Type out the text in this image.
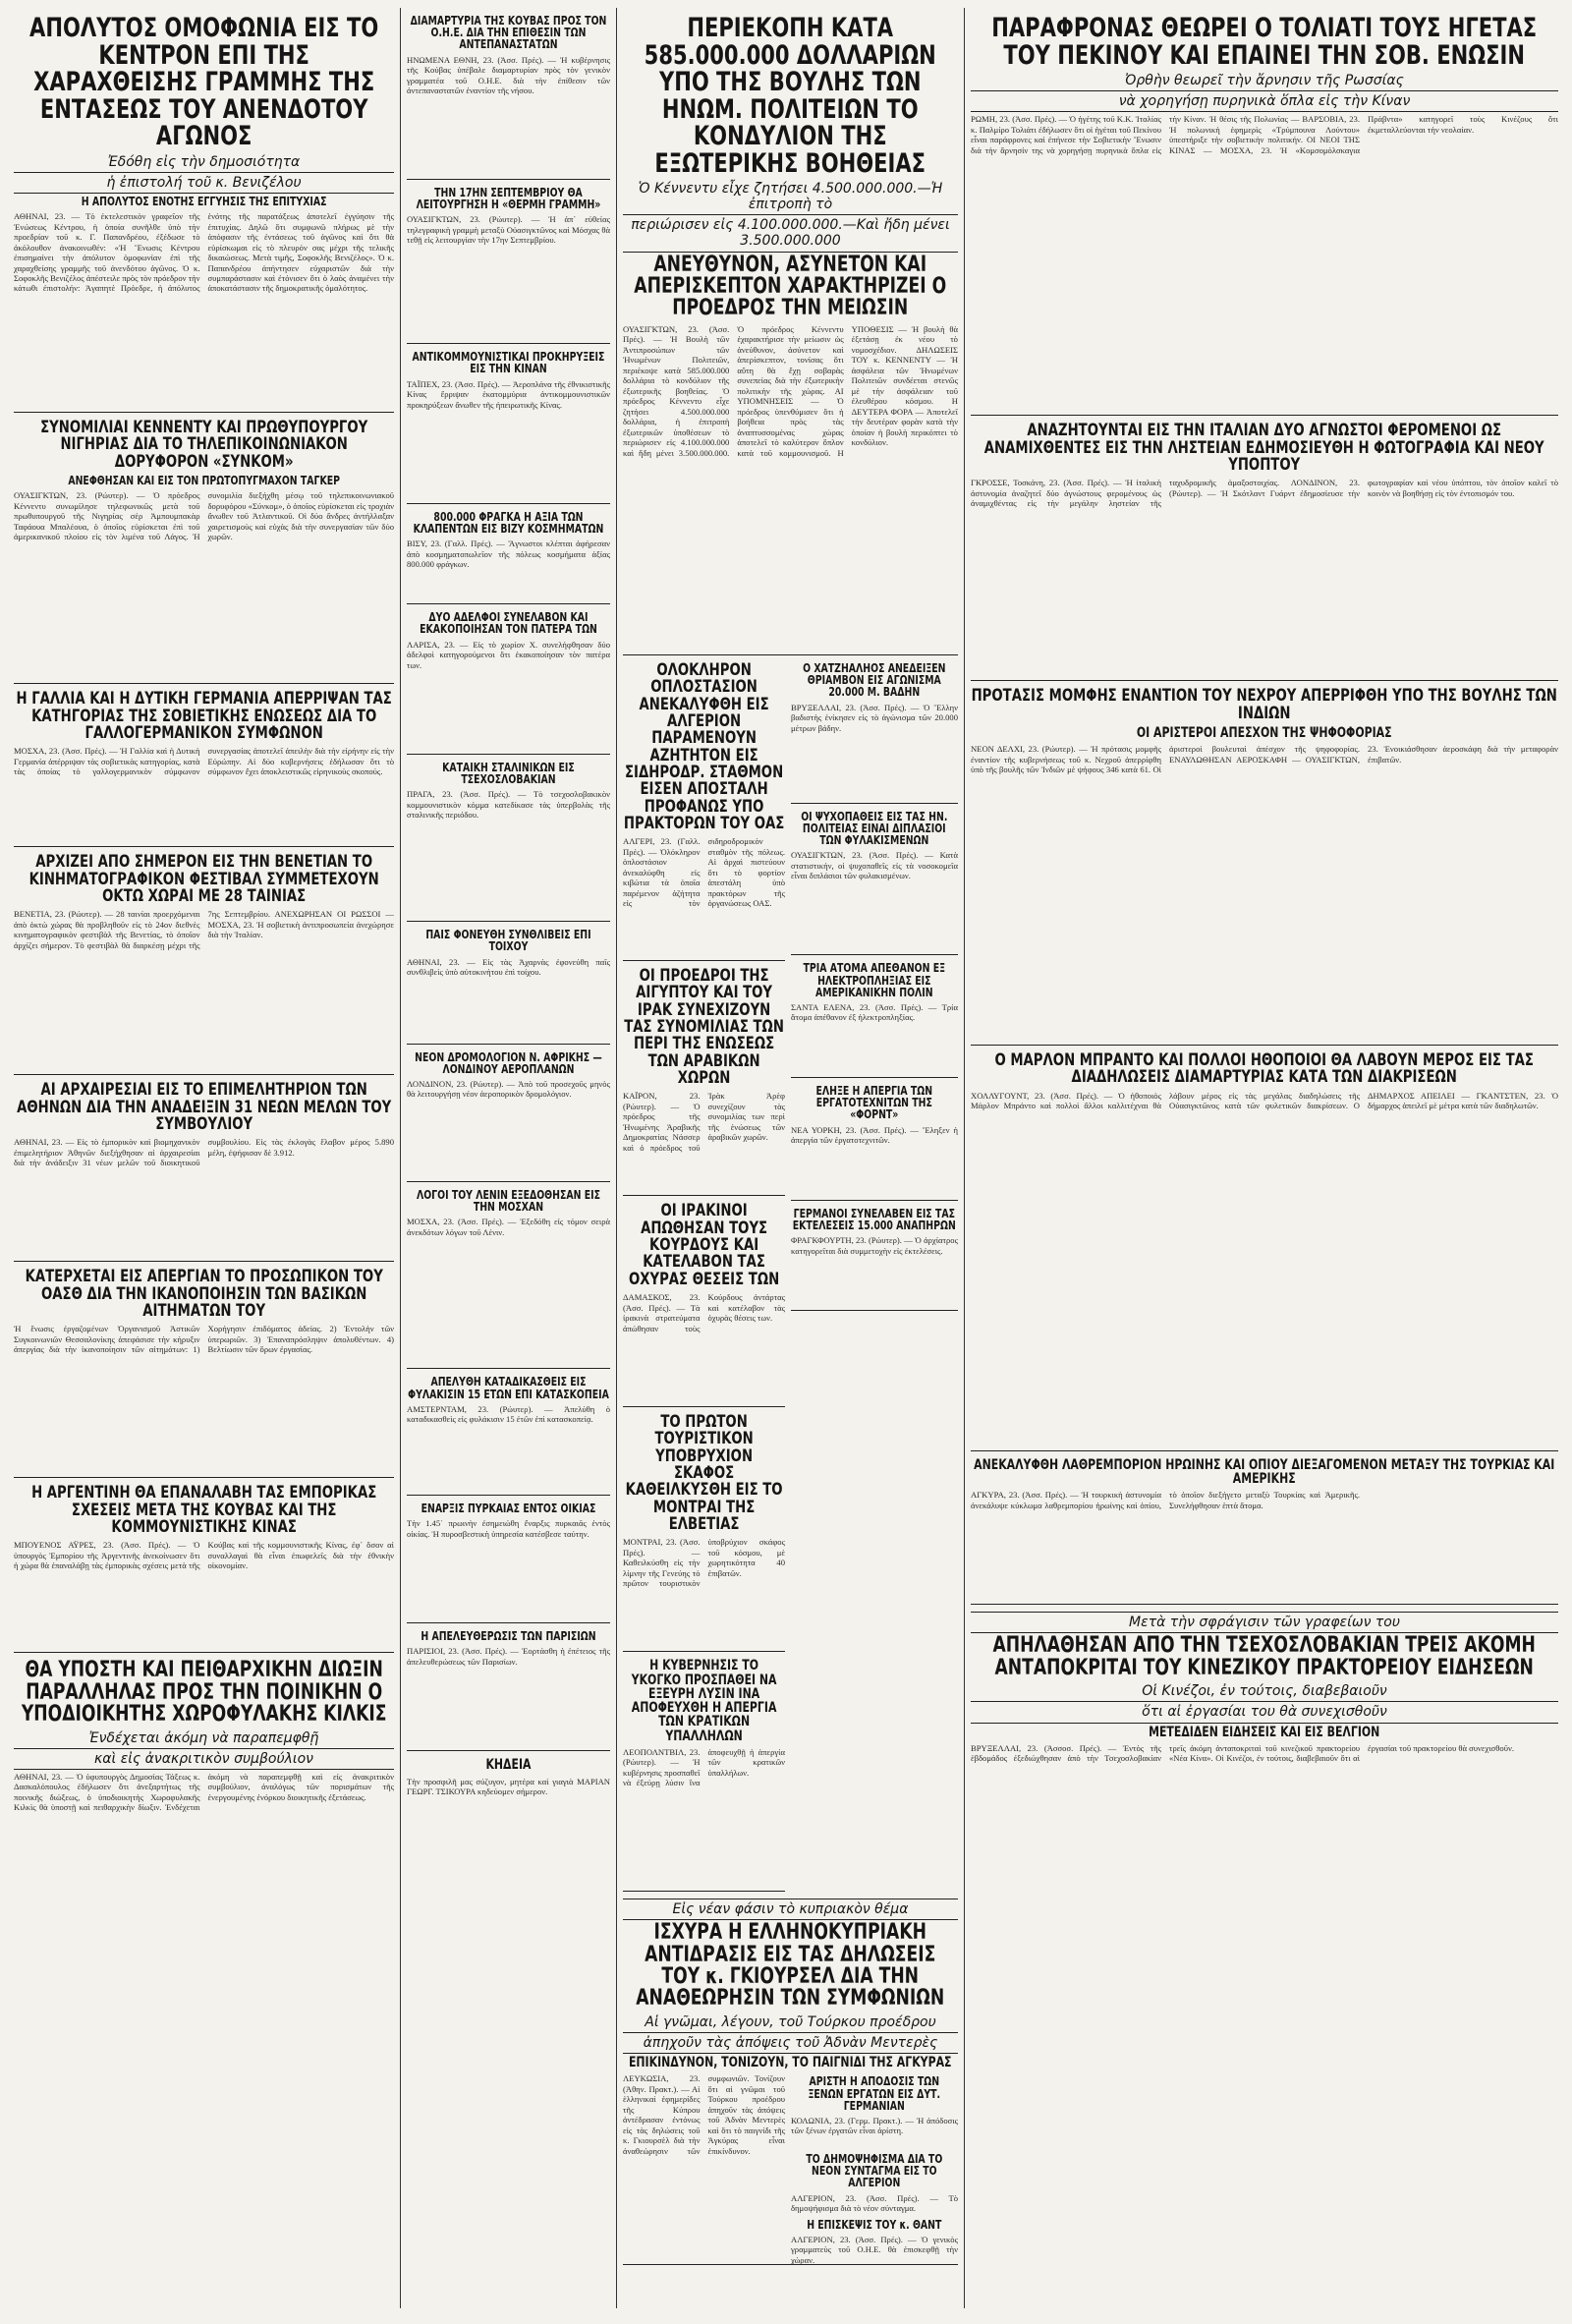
ΑΠΟΛΥΤΟΣ ΟΜΟΦΩΝΙΑ ΕΙΣ ΤΟ ΚΕΝΤΡΟΝ ΕΠΙ ΤΗΣ ΧΑΡΑΧΘΕΙΣΗΣ ΓΡΑΜΜΗΣ ΤΗΣ ΕΝΤΑΣΕΩΣ ΤΟΥ ΑΝΕΝΔΟΤΟΥ ΑΓΩΝΟΣ
Ἐδόθη εἰς τὴν δημοσιότητα
ἡ ἐπιστολή τοῦ κ. Βενιζέλου
Η ΑΠΟΛΥΤΟΣ ΕΝΟΤΗΣ ΕΓΓΥΗΣΙΣ ΤΗΣ ΕΠΙΤΥΧΙΑΣ

ΑΘΗΝΑΙ, 23. — Τὸ ἐκτελεστικὸν γραφεῖον τῆς Ἑνώσεως Κέντρου, ἡ ὁποία συνῆλθε ὑπὸ τὴν προεδρίαν τοῦ κ. Γ. Παπανδρέου, ἐξέδωσε τὸ ἀκόλουθον ἀνακοινωθέν: «Ἡ Ἕνωσις Κέντρου ἐπισημαίνει τὴν ἀπόλυτον ὁμοφωνίαν ἐπὶ τῆς χαραχθείσης γραμμῆς τοῦ ἀνενδότου ἀγῶνος. Ὁ κ. Σοφοκλῆς Βενιζέλος ἀπέστειλε πρὸς τὸν πρόεδρον τὴν κάτωθι ἐπιστολήν: Ἀγαπητὲ Πρόεδρε, ἡ ἀπόλυτος ἑνότης τῆς παρατάξεως ἀποτελεῖ ἐγγύησιν τῆς ἐπιτυχίας. Δηλῶ ὅτι συμφωνῶ πλήρως μὲ τὴν ἀπόφασιν τῆς ἐντάσεως τοῦ ἀγῶνος καὶ ὅτι θὰ εὑρίσκωμαι εἰς τὸ πλευρόν σας μέχρι τῆς τελικῆς δικαιώσεως. Μετὰ τιμῆς, Σοφοκλῆς Βενιζέλος». Ὁ κ. Παπανδρέου ἀπήντησεν εὐχαριστῶν διὰ τὴν συμπαράστασιν καὶ ἐτόνισεν ὅτι ὁ λαὸς ἀναμένει τὴν ἀποκατάστασιν τῆς δημοκρατικῆς ὁμαλότητος.

ΣΥΝΟΜΙΛΙΑΙ ΚΕΝΝΕΝΤΥ ΚΑΙ ΠΡΩΘΥΠΟΥΡΓΟΥ ΝΙΓΗΡΙΑΣ ΔΙΑ ΤΟ ΤΗΛΕΠΙΚΟΙΝΩΝΙΑΚΟΝ ΔΟΡΥΦΟΡΟΝ «ΣΥΝΚΟΜ»
ΑΝΕΦΘΗΣΑΝ ΚΑΙ ΕΙΣ ΤΟΝ ΠΡΩΤΟΠΥΓΜΑΧΟΝ ΤΑΓΚΕΡ

ΟΥΑΣΙΓΚΤΩΝ, 23. (Ρώυτερ). — Ὁ πρόεδρος Κέννεντυ συνωμίλησε τηλεφωνικῶς μετὰ τοῦ πρωθυπουργοῦ τῆς Νιγηρίας σὲρ Ἀμπουμπακὰρ Ταφάουα Μπαλέουα, ὁ ὁποῖος εὑρίσκεται ἐπὶ τοῦ ἀμερικανικοῦ πλοίου εἰς τὸν λιμένα τοῦ Λάγος. Ἡ συνομιλία διεξήχθη μέσῳ τοῦ τηλεπικοινωνιακοῦ δορυφόρου «Σύνκομ», ὁ ὁποῖος εὑρίσκεται εἰς τροχιὰν ἄνωθεν τοῦ Ἀτλαντικοῦ. Οἱ δύο ἄνδρες ἀντήλλαξαν χαιρετισμοὺς καὶ εὐχὰς διὰ τὴν συνεργασίαν τῶν δύο χωρῶν.

Η ΓΑΛΛΙΑ ΚΑΙ Η ΔΥΤΙΚΗ ΓΕΡΜΑΝΙΑ ΑΠΕΡΡΙΨΑΝ ΤΑΣ ΚΑΤΗΓΟΡΙΑΣ ΤΗΣ ΣΟΒΙΕΤΙΚΗΣ ΕΝΩΣΕΩΣ ΔΙΑ ΤΟ ΓΑΛΛΟΓΕΡΜΑΝΙΚΟΝ ΣΥΜΦΩΝΟΝ

ΜΟΣΧΑ, 23. (Ἀσσ. Πρές). — Ἡ Γαλλία καὶ ἡ Δυτικὴ Γερμανία ἀπέρριψαν τὰς σοβιετικὰς κατηγορίας, κατὰ τὰς ὁποίας τὸ γαλλογερμανικὸν σύμφωνον συνεργασίας ἀποτελεῖ ἀπειλὴν διὰ τὴν εἰρήνην εἰς τὴν Εὐρώπην. Αἱ δύο κυβερνήσεις ἐδήλωσαν ὅτι τὸ σύμφωνον ἔχει ἀποκλειστικῶς εἰρηνικοὺς σκοπούς.

ΑΡΧΙΖΕΙ ΑΠΟ ΣΗΜΕΡΟΝ ΕΙΣ ΤΗΝ ΒΕΝΕΤΙΑΝ ΤΟ ΚΙΝΗΜΑΤΟΓΡΑΦΙΚΟΝ ΦΕΣΤΙΒΑΛ ΣΥΜΜΕΤΕΧΟΥΝ ΟΚΤΩ ΧΩΡΑΙ ΜΕ 28 ΤΑΙΝΙΑΣ

ΒΕΝΕΤΙΑ, 23. (Ρώυτερ). — 28 ταινίαι προερχόμεναι ἀπὸ ὀκτὼ χώρας θὰ προβληθοῦν εἰς τὸ 24ον διεθνὲς κινηματογραφικὸν φεστιβὰλ τῆς Βενετίας, τὸ ὁποῖον ἀρχίζει σήμερον. Τὸ φεστιβὰλ θὰ διαρκέσῃ μέχρι τῆς 7ης Σεπτεμβρίου. ΑΝΕΧΩΡΗΣΑΝ ΟΙ ΡΩΣΣΟΙ — ΜΟΣΧΑ, 23. Ἡ σοβιετικὴ ἀντιπροσωπεία ἀνεχώρησε διὰ τὴν Ἰταλίαν.

ΑΙ ΑΡΧΑΙΡΕΣΙΑΙ ΕΙΣ ΤΟ ΕΠΙΜΕΛΗΤΗΡΙΟΝ ΤΩΝ ΑΘΗΝΩΝ ΔΙΑ ΤΗΝ ΑΝΑΔΕΙΞΙΝ 31 ΝΕΩΝ ΜΕΛΩΝ ΤΟΥ ΣΥΜΒΟΥΛΙΟΥ

ΑΘΗΝΑΙ, 23. — Εἰς τὸ ἐμπορικὸν καὶ βιομηχανικὸν ἐπιμελητήριον Ἀθηνῶν διεξήχθησαν αἱ ἀρχαιρεσίαι διὰ τὴν ἀνάδειξιν 31 νέων μελῶν τοῦ διοικητικοῦ συμβουλίου. Εἰς τὰς ἐκλογὰς ἔλαβον μέρος 5.890 μέλη, ἐψήφισαν δὲ 3.912.

ΚΑΤΕΡΧΕΤΑΙ ΕΙΣ ΑΠΕΡΓΙΑΝ ΤΟ ΠΡΟΣΩΠΙΚΟΝ ΤΟΥ ΟΑΣΘ ΔΙΑ ΤΗΝ ΙΚΑΝΟΠΟΙΗΣΙΝ ΤΩΝ ΒΑΣΙΚΩΝ ΑΙΤΗΜΑΤΩΝ ΤΟΥ

Ἡ ἕνωσις ἐργαζομένων Ὀργανισμοῦ Ἀστικῶν Συγκοινωνιῶν Θεσσαλονίκης ἀπεφάσισε τὴν κήρυξιν ἀπεργίας διὰ τὴν ἱκανοποίησιν τῶν αἰτημάτων: 1) Χορήγησιν ἐπιδόματος ἀδείας. 2) Ἐντολὴν τῶν ὑπερωριῶν. 3) Ἐπαναπρόσληψιν ἀπολυθέντων. 4) Βελτίωσιν τῶν ὅρων ἐργασίας.

Η ΑΡΓΕΝΤΙΝΗ ΘΑ ΕΠΑΝΑΛΑΒΗ ΤΑΣ ΕΜΠΟΡΙΚΑΣ ΣΧΕΣΕΙΣ ΜΕΤΑ ΤΗΣ ΚΟΥΒΑΣ ΚΑΙ ΤΗΣ ΚΟΜΜΟΥΝΙΣΤΙΚΗΣ ΚΙΝΑΣ

ΜΠΟΥΕΝΟΣ ΑΫΡΕΣ, 23. (Ἀσσ. Πρές). — Ὁ ὑπουργὸς Ἐμπορίου τῆς Ἀργεντινῆς ἀνεκοίνωσεν ὅτι ἡ χώρα θὰ ἐπαναλάβῃ τὰς ἐμπορικὰς σχέσεις μετὰ τῆς Κούβας καὶ τῆς κομμουνιστικῆς Κίνας, ἐφ᾽ ὅσον αἱ συναλλαγαὶ θὰ εἶναι ἐπωφελεῖς διὰ τὴν ἐθνικὴν οἰκονομίαν.

ΘΑ ΥΠΟΣΤΗ ΚΑΙ ΠΕΙΘΑΡΧΙΚΗΝ ΔΙΩΞΙΝ ΠΑΡΑΛΛΗΛΑΣ ΠΡΟΣ ΤΗΝ ΠΟΙΝΙΚΗΝ Ο ΥΠΟΔΙΟΙΚΗΤΗΣ ΧΩΡΟΦΥΛΑΚΗΣ ΚΙΛΚΙΣ
Ἐνδέχεται ἀκόμη νὰ παραπεμφθῇ
καὶ εἰς ἀνακριτικὸν συμβούλιον

ΑΘΗΝΑΙ, 23. — Ὁ ὑφυπουργὸς Δημοσίας Τάξεως κ. Δασκαλόπουλος ἐδήλωσεν ὅτι ἀνεξαρτήτως τῆς ποινικῆς διώξεως, ὁ ὑποδιοικητὴς Χωροφυλακῆς Κιλκὶς θὰ ὑποστῇ καὶ πειθαρχικὴν δίωξιν. Ἐνδέχεται ἀκόμη νὰ παραπεμφθῇ καὶ εἰς ἀνακριτικὸν συμβούλιον, ἀναλόγως τῶν πορισμάτων τῆς ἐνεργουμένης ἐνόρκου διοικητικῆς ἐξετάσεως.

ΔΙΑΜΑΡΤΥΡΙΑ ΤΗΣ ΚΟΥΒΑΣ ΠΡΟΣ ΤΟΝ Ο.Η.Ε. ΔΙΑ ΤΗΝ ΕΠΙΘΕΣΙΝ ΤΩΝ ΑΝΤΕΠΑΝΑΣΤΑΤΩΝ

ΗΝΩΜΕΝΑ ΕΘΝΗ, 23. (Ἀσσ. Πρές). — Ἡ κυβέρνησις τῆς Κούβας ὑπέβαλε διαμαρτυρίαν πρὸς τὸν γενικὸν γραμματέα τοῦ Ο.Η.Ε. διὰ τὴν ἐπίθεσιν τῶν ἀντεπαναστατῶν ἐναντίον τῆς νήσου.

ΤΗΝ 17ΗΝ ΣΕΠΤΕΜΒΡΙΟΥ ΘΑ ΛΕΙΤΟΥΡΓΗΣΗ Η «ΘΕΡΜΗ ΓΡΑΜΜΗ»

ΟΥΑΣΙΓΚΤΩΝ, 23. (Ρώυτερ). — Ἡ ἀπ᾽ εὐθείας τηλεγραφικὴ γραμμὴ μεταξὺ Οὐασιγκτῶνος καὶ Μόσχας θὰ τεθῇ εἰς λειτουργίαν τὴν 17ην Σεπτεμβρίου.

ΑΝΤΙΚΟΜΜΟΥΝΙΣΤΙΚΑΙ ΠΡΟΚΗΡΥΞΕΙΣ ΕΙΣ ΤΗΝ ΚΙΝΑΝ

ΤΑΪΠΕΧ, 23. (Ἀσσ. Πρές). — Ἀεροπλάνα τῆς ἐθνικιστικῆς Κίνας ἔρριψαν ἑκατομμύρια ἀντικομμουνιστικῶν προκηρύξεων ἄνωθεν τῆς ἠπειρωτικῆς Κίνας.

800.000 ΦΡΑΓΚΑ Η ΑΞΙΑ ΤΩΝ ΚΛΑΠΕΝΤΩΝ ΕΙΣ ΒΙΖΥ ΚΟΣΜΗΜΑΤΩΝ

ΒΙΣΥ, 23. (Γαλλ. Πρές). — Ἄγνωστοι κλέπται ἀφήρεσαν ἀπὸ κοσμηματοπωλεῖον τῆς πόλεως κοσμήματα ἀξίας 800.000 φράγκων.

ΔΥΟ ΑΔΕΛΦΟΙ ΣΥΝΕΛΑΒΟΝ ΚΑΙ ΕΚΑΚΟΠΟΙΗΣΑΝ ΤΟΝ ΠΑΤΕΡΑ ΤΩΝ

ΛΑΡΙΣΑ, 23. — Εἰς τὸ χωρίον Χ. συνελήφθησαν δύο ἀδελφοὶ κατηγορούμενοι ὅτι ἐκακοποίησαν τὸν πατέρα των.

ΚΑΤΑΙΚΗ ΣΤΑΛΙΝΙΚΩΝ ΕΙΣ ΤΣΕΧΟΣΛΟΒΑΚΙΑΝ

ΠΡΑΓΑ, 23. (Ἀσσ. Πρές). — Τὸ τσεχοσλοβακικὸν κομμουνιστικὸν κόμμα κατεδίκασε τὰς ὑπερβολὰς τῆς σταλινικῆς περιόδου.

ΠΑΙΣ ΦΟΝΕΥΘΗ ΣΥΝΘΛΙΒΕΙΣ ΕΠΙ ΤΟΙΧΟΥ

ΑΘΗΝΑΙ, 23. — Εἰς τὰς Ἀχαρνὰς ἐφονεύθη παῖς συνθλιβεὶς ὑπὸ αὐτοκινήτου ἐπὶ τοίχου.

ΝΕΟΝ ΔΡΟΜΟΛΟΓΙΟΝ Ν. ΑΦΡΙΚΗΣ — ΛΟΝΔΙΝΟΥ ΑΕΡΟΠΛΑΝΩΝ

ΛΟΝΔΙΝΟΝ, 23. (Ρώυτερ). — Ἀπὸ τοῦ προσεχοῦς μηνὸς θὰ λειτουργήσῃ νέον ἀεροπορικὸν δρομολόγιον.

ΛΟΓΟΙ ΤΟΥ ΛΕΝΙΝ ΕΞΕΔΟΘΗΣΑΝ ΕΙΣ ΤΗΝ ΜΟΣΧΑΝ

ΜΟΣΧΑ, 23. (Ἀσσ. Πρές). — Ἐξεδόθη εἰς τόμον σειρὰ ἀνεκδότων λόγων τοῦ Λένιν.

ΑΠΕΛΥΘΗ ΚΑΤΑΔΙΚΑΣΘΕΙΣ ΕΙΣ ΦΥΛΑΚΙΣΙΝ 15 ΕΤΩΝ ΕΠΙ ΚΑΤΑΣΚΟΠΕΙΑ

ΑΜΣΤΕΡΝΤΑΜ, 23. (Ρώυτερ). — Ἀπελύθη ὁ καταδικασθεὶς εἰς φυλάκισιν 15 ἐτῶν ἐπὶ κατασκοπείᾳ.

ΕΝΑΡΞΙΣ ΠΥΡΚΑΙΑΣ ΕΝΤΟΣ ΟΙΚΙΑΣ

Τὴν 1.45΄ πρωινὴν ἐσημειώθη ἔναρξις πυρκαιᾶς ἐντὸς οἰκίας. Ἡ πυροσβεστικὴ ὑπηρεσία κατέσβεσε ταύτην.

Η ΑΠΕΛΕΥΘΕΡΩΣΙΣ ΤΩΝ ΠΑΡΙΣΙΩΝ

ΠΑΡΙΣΙΟΙ, 23. (Ἀσσ. Πρές). — Ἑορτάσθη ἡ ἐπέτειος τῆς ἀπελευθερώσεως τῶν Παρισίων.

ΚΗΔΕΙΑ

Τὴν προσφιλῆ μας σύζυγον, μητέρα καὶ γιαγιὰ ΜΑΡΙΑΝ ΓΕΩΡΓ. ΤΣΙΚΟΥΡΑ κηδεύομεν σήμερον.

ΠΕΡΙΕΚΟΠΗ ΚΑΤΑ 585.000.000 ΔΟΛΛΑΡΙΩΝ ΥΠΟ ΤΗΣ ΒΟΥΛΗΣ ΤΩΝ ΗΝΩΜ. ΠΟΛΙΤΕΙΩΝ ΤΟ ΚΟΝΔΥΛΙΟΝ ΤΗΣ ΕΞΩΤΕΡΙΚΗΣ ΒΟΗΘΕΙΑΣ
Ὁ Κέννεντυ εἶχε ζητήσει 4.500.000.000.—Ἡ ἐπιτροπὴ τὸ
περιώρισεν εἰς 4.100.000.000.—Καὶ ἤδη μένει 3.500.000.000
ΑΝΕΥΘΥΝΟΝ, ΑΣΥΝΕΤΟΝ ΚΑΙ ΑΠΕΡΙΣΚΕΠΤΟΝ ΧΑΡΑΚΤΗΡΙΖΕΙ Ο ΠΡΟΕΔΡΟΣ ΤΗΝ ΜΕΙΩΣΙΝ

ΟΥΑΣΙΓΚΤΩΝ, 23. (Ἀσσ. Πρές). — Ἡ Βουλὴ τῶν Ἀντιπροσώπων τῶν Ἡνωμένων Πολιτειῶν, περιέκοψε κατὰ 585.000.000 δολλάρια τὸ κονδύλιον τῆς ἐξωτερικῆς βοηθείας. Ὁ πρόεδρος Κέννεντυ εἶχε ζητήσει 4.500.000.000 δολλάρια, ἡ ἐπιτροπὴ ἐξωτερικῶν ὑποθέσεων τὸ περιώρισεν εἰς 4.100.000.000 καὶ ἤδη μένει 3.500.000.000. Ὁ πρόεδρος Κέννεντυ ἐχαρακτήρισε τὴν μείωσιν ὡς ἀνεύθυνον, ἀσύνετον καὶ ἀπερίσκεπτον, τονίσας ὅτι αὕτη θὰ ἔχῃ σοβαρὰς συνεπείας διὰ τὴν ἐξωτερικὴν πολιτικὴν τῆς χώρας. ΑΙ ΥΠΟΜΝΗΣΕΙΣ — Ὁ πρόεδρος ὑπενθύμισεν ὅτι ἡ βοήθεια πρὸς τὰς ἀναπτυσσομένας χώρας ἀποτελεῖ τὸ καλύτερον ὅπλον κατὰ τοῦ κομμουνισμοῦ. Η ΥΠΟΘΕΣΙΣ — Ἡ βουλὴ θὰ ἐξετάσῃ ἐκ νέου τὸ νομοσχέδιον. ΔΗΛΩΣΕΙΣ ΤΟΥ κ. ΚΕΝΝΕΝΤΥ — Ἡ ἀσφάλεια τῶν Ἡνωμένων Πολιτειῶν συνδέεται στενῶς μὲ τὴν ἀσφάλειαν τοῦ ἐλευθέρου κόσμου. Η ΔΕΥΤΕΡΑ ΦΟΡΑ — Ἀποτελεῖ τὴν δευτέραν φορὰν κατὰ τὴν ὁποίαν ἡ βουλὴ περικόπτει τὸ κονδύλιον.

ΟΛΟΚΛΗΡΟΝ ΟΠΛΟΣΤΑΣΙΟΝ ΑΝΕΚΑΛΥΦΘΗ ΕΙΣ ΑΛΓΕΡΙΟΝ ΠΑΡΑΜΕΝΟΥΝ ΑΖΗΤΗΤΟΝ ΕΙΣ ΣΙΔΗΡΟΔΡ. ΣΤΑΘΜΟΝ ΕΙΣΕΝ ΑΠΟΣΤΑΛΗ ΠΡΟΦΑΝΩΣ ΥΠΟ ΠΡΑΚΤΟΡΩΝ ΤΟΥ ΟΑΣ

ΑΛΓΕΡΙ, 23. (Γαλλ. Πρές). — Ὁλόκληρον ὁπλοστάσιον ἀνεκαλύφθη εἰς κιβώτια τὰ ὁποῖα παρέμενον ἀζήτητα εἰς τὸν σιδηροδρομικὸν σταθμὸν τῆς πόλεως. Αἱ ἀρχαὶ πιστεύουν ὅτι τὸ φορτίον ἀπεστάλη ὑπὸ πρακτόρων τῆς ὀργανώσεως ΟΑΣ.

ΟΙ ΠΡΟΕΔΡΟΙ ΤΗΣ ΑΙΓΥΠΤΟΥ ΚΑΙ ΤΟΥ ΙΡΑΚ ΣΥΝΕΧΙΖΟΥΝ ΤΑΣ ΣΥΝΟΜΙΛΙΑΣ ΤΩΝ ΠΕΡΙ ΤΗΣ ΕΝΩΣΕΩΣ ΤΩΝ ΑΡΑΒΙΚΩΝ ΧΩΡΩΝ

ΚΑΪΡΟΝ, 23. (Ρώυτερ). — Ὁ πρόεδρος τῆς Ἡνωμένης Ἀραβικῆς Δημοκρατίας Νάσσερ καὶ ὁ πρόεδρος τοῦ Ἰρὰκ Ἀρὲφ συνεχίζουν τὰς συνομιλίας των περὶ τῆς ἑνώσεως τῶν ἀραβικῶν χωρῶν.

ΟΙ ΙΡΑΚΙΝΟΙ ΑΠΩΘΗΣΑΝ ΤΟΥΣ ΚΟΥΡΔΟΥΣ ΚΑΙ ΚΑΤΕΛΑΒΟΝ ΤΑΣ ΟΧΥΡΑΣ ΘΕΣΕΙΣ ΤΩΝ

ΔΑΜΑΣΚΟΣ, 23. (Ἀσσ. Πρές). — Τὰ ἰρακινὰ στρατεύματα ἀπώθησαν τοὺς Κούρδους ἀντάρτας καὶ κατέλαβον τὰς ὀχυρὰς θέσεις των.

ΤΟ ΠΡΩΤΟΝ ΤΟΥΡΙΣΤΙΚΟΝ ΥΠΟΒΡΥΧΙΟΝ ΣΚΑΦΟΣ ΚΑΘΕΙΛΚΥΣΘΗ ΕΙΣ ΤΟ ΜΟΝΤΡΑΙ ΤΗΣ ΕΛΒΕΤΙΑΣ

ΜΟΝΤΡΑΙ, 23. (Ἀσσ. Πρές). — Καθειλκύσθη εἰς τὴν λίμνην τῆς Γενεύης τὸ πρῶτον τουριστικὸν ὑποβρύχιον σκάφος τοῦ κόσμου, μὲ χωρητικότητα 40 ἐπιβατῶν.

Η ΚΥΒΕΡΝΗΣΙΣ ΤΟ ΥΚΟΓΚΟ ΠΡΟΣΠΑΘΕΙ ΝΑ ΕΞΕΥΡΗ ΛΥΣΙΝ ΙΝΑ ΑΠΟΦΕΥΧΘΗ Η ΑΠΕΡΓΙΑ ΤΩΝ ΚΡΑΤΙΚΩΝ ΥΠΑΛΛΗΛΩΝ

ΛΕΟΠΟΛΝΤΒΙΛ, 23. (Ρώυτερ). — Ἡ κυβέρνησις προσπαθεῖ νὰ ἐξεύρῃ λύσιν ἵνα ἀποφευχθῇ ἡ ἀπεργία τῶν κρατικῶν ὑπαλλήλων.

Ο ΧΑΤΖΗΑΛΗΟΣ ΑΝΕΔΕΙΞΕΝ ΘΡΙΑΜΒΟΝ ΕΙΣ ΑΓΩΝΙΣΜΑ 20.000 Μ. ΒΑΔΗΝ

ΒΡΥΞΕΛΛΑΙ, 23. (Ἀσσ. Πρές). — Ὁ Ἕλλην βαδιστὴς ἐνίκησεν εἰς τὸ ἀγώνισμα τῶν 20.000 μέτρων βάδην.

ΟΙ ΨΥΧΟΠΑΘΕΙΣ ΕΙΣ ΤΑΣ ΗΝ. ΠΟΛΙΤΕΙΑΣ ΕΙΝΑΙ ΔΙΠΛΑΣΙΟΙ ΤΩΝ ΦΥΛΑΚΙΣΜΕΝΩΝ

ΟΥΑΣΙΓΚΤΩΝ, 23. (Ἀσσ. Πρές). — Κατὰ στατιστικήν, οἱ ψυχοπαθεῖς εἰς τὰ νοσοκομεῖα εἶναι διπλάσιοι τῶν φυλακισμένων.

ΤΡΙΑ ΑΤΟΜΑ ΑΠΕΘΑΝΟΝ ΕΞ ΗΛΕΚΤΡΟΠΛΗΞΙΑΣ ΕΙΣ ΑΜΕΡΙΚΑΝΙΚΗΝ ΠΟΛΙΝ

ΣΑΝΤΑ ΕΛΕΝΑ, 23. (Ἀσσ. Πρές). — Τρία ἄτομα ἀπέθανον ἐξ ἠλεκτροπληξίας.

ΕΛΗΞΕ Η ΑΠΕΡΓΙΑ ΤΩΝ ΕΡΓΑΤΟΤΕΧΝΙΤΩΝ ΤΗΣ «ΦΟΡΝΤ»

ΝΕΑ ΥΟΡΚΗ, 23. (Ἀσσ. Πρές). — Ἔληξεν ἡ ἀπεργία τῶν ἐργατοτεχνιτῶν.

ΓΕΡΜΑΝΟΙ ΣΥΝΕΛΑΒΕΝ ΕΙΣ ΤΑΣ ΕΚΤΕΛΕΣΕΙΣ 15.000 ΑΝΑΠΗΡΩΝ

ΦΡΑΓΚΦΟΥΡΤΗ, 23. (Ρώυτερ). — Ὁ ἀρχίατρος κατηγορεῖται διὰ συμμετοχὴν εἰς ἐκτελέσεις.

Εἰς νέαν φάσιν τὸ κυπριακὸν θέμα
ΙΣΧΥΡΑ Η ΕΛΛΗΝΟΚΥΠΡΙΑΚΗ ΑΝΤΙΔΡΑΣΙΣ ΕΙΣ ΤΑΣ ΔΗΛΩΣΕΙΣ ΤΟΥ κ. ΓΚΙΟΥΡΣΕΛ ΔΙΑ ΤΗΝ ΑΝΑΘΕΩΡΗΣΙΝ ΤΩΝ ΣΥΜΦΩΝΙΩΝ
Αἱ γνῶμαι, λέγουν, τοῦ Τούρκου προέδρου
ἀπηχοῦν τὰς ἀπόψεις τοῦ Ἀδνὰν Μεντερὲς
ΕΠΙΚΙΝΔΥΝΟΝ, ΤΟΝΙΖΟΥΝ, ΤΟ ΠΑΙΓΝΙΔΙ ΤΗΣ ΑΓΚΥΡΑΣ

ΛΕΥΚΩΣΙΑ, 23. (Ἀθην. Πρακτ.). — Αἱ ἑλληνικαὶ ἐφημερίδες τῆς Κύπρου ἀντέδρασαν ἐντόνως εἰς τὰς δηλώσεις τοῦ κ. Γκιουρσὲλ διὰ τὴν ἀναθεώρησιν τῶν συμφωνιῶν. Τονίζουν ὅτι αἱ γνῶμαι τοῦ Τούρκου προέδρου ἀπηχοῦν τὰς ἀπόψεις τοῦ Ἀδνὰν Μεντερὲς καὶ ὅτι τὸ παιγνίδι τῆς Ἀγκύρας εἶναι ἐπικίνδυνον.

ΑΡΙΣΤΗ Η ΑΠΟΔΟΣΙΣ ΤΩΝ ΞΕΝΩΝ ΕΡΓΑΤΩΝ ΕΙΣ ΔΥΤ. ΓΕΡΜΑΝΙΑΝ

ΚΟΛΩΝΙΑ, 23. (Γερμ. Πρακτ.). — Ἡ ἀπόδοσις τῶν ξένων ἐργατῶν εἶναι ἀρίστη.

ΤΟ ΔΗΜΟΨΗΦΙΣΜΑ ΔΙΑ ΤΟ ΝΕΟΝ ΣΥΝΤΑΓΜΑ ΕΙΣ ΤΟ ΑΛΓΕΡΙΟΝ

ΑΛΓΕΡΙΟΝ, 23. (Ἀσσ. Πρές). — Τὸ δημοψήφισμα διὰ τὸ νέον σύνταγμα.

Η ΕΠΙΣΚΕΨΙΣ ΤΟΥ κ. ΘΑΝΤ

ΑΛΓΕΡΙΟΝ, 23. (Ἀσσ. Πρές). — Ὁ γενικὸς γραμματεὺς τοῦ Ο.Η.Ε. θὰ ἐπισκεφθῇ τὴν χώραν.

ΠΑΡΑΦΡΟΝΑΣ ΘΕΩΡΕΙ Ο ΤΟΛΙΑΤΙ ΤΟΥΣ ΗΓΕΤΑΣ ΤΟΥ ΠΕΚΙΝΟΥ ΚΑΙ ΕΠΑΙΝΕΙ ΤΗΝ ΣΟΒ. ΕΝΩΣΙΝ
Ὀρθὴν θεωρεῖ τὴν ἄρνησιν τῆς Ρωσσίας
νὰ χορηγήσῃ πυρηνικὰ ὅπλα εἰς τὴν Κίναν

ΡΩΜΗ, 23. (Ἀσσ. Πρές). — Ὁ ἡγέτης τοῦ Κ.Κ. Ἰταλίας κ. Παλμίρο Τολιάτι ἐδήλωσεν ὅτι οἱ ἡγέται τοῦ Πεκίνου εἶναι παράφρονες καὶ ἐπήνεσε τὴν Σοβιετικὴν Ἕνωσιν διὰ τὴν ἄρνησίν της νὰ χορηγήσῃ πυρηνικὰ ὅπλα εἰς τὴν Κίναν. Ἡ θέσις τῆς Πολωνίας — ΒΑΡΣΟΒΙΑ, 23. Ἡ πολωνικὴ ἐφημερὶς «Τρύμπουνα Λούντου» ὑπεστήριξε τὴν σοβιετικὴν πολιτικήν. ΟΙ ΝΕΟΙ ΤΗΣ ΚΙΝΑΣ — ΜΟΣΧΑ, 23. Ἡ «Κομσομόλσκαγια Πράβντα» κατηγορεῖ τοὺς Κινέζους ὅτι ἐκμεταλλεύονται τὴν νεολαίαν.

ΑΝΑΖΗΤΟΥΝΤΑΙ ΕΙΣ ΤΗΝ ΙΤΑΛΙΑΝ ΔΥΟ ΑΓΝΩΣΤΟΙ ΦΕΡΟΜΕΝΟΙ ΩΣ ΑΝΑΜΙΧΘΕΝΤΕΣ ΕΙΣ ΤΗΝ ΛΗΣΤΕΙΑΝ ΕΔΗΜΟΣΙΕΥΘΗ Η ΦΩΤΟΓΡΑΦΙΑ ΚΑΙ ΝΕΟΥ ΥΠΟΠΤΟΥ

ΓΚΡΟΣΣΕ, Τοσκάνη, 23. (Ἀσσ. Πρές). — Ἡ ἰταλικὴ ἀστυνομία ἀναζητεῖ δύο ἀγνώστους φερομένους ὡς ἀναμιχθέντας εἰς τὴν μεγάλην ληστείαν τῆς ταχυδρομικῆς ἁμαξοστοιχίας. ΛΟΝΔΙΝΟΝ, 23. (Ρώυτερ). — Ἡ Σκότλαντ Γυάρντ ἐδημοσίευσε τὴν φωτογραφίαν καὶ νέου ὑπόπτου, τὸν ὁποῖον καλεῖ τὸ κοινὸν νὰ βοηθήσῃ εἰς τὸν ἐντοπισμόν του.

ΠΡΟΤΑΣΙΣ ΜΟΜΦΗΣ ΕΝΑΝΤΙΟΝ ΤΟΥ ΝΕΧΡΟΥ ΑΠΕΡΡΙΦΘΗ ΥΠΟ ΤΗΣ ΒΟΥΛΗΣ ΤΩΝ ΙΝΔΙΩΝ
ΟΙ ΑΡΙΣΤΕΡΟΙ ΑΠΕΣΧΟΝ ΤΗΣ ΨΗΦΟΦΟΡΙΑΣ

ΝΕΟΝ ΔΕΛΧΙ, 23. (Ρώυτερ). — Ἡ πρότασις μομφῆς ἐναντίον τῆς κυβερνήσεως τοῦ κ. Νεχροῦ ἀπερρίφθη ὑπὸ τῆς βουλῆς τῶν Ἰνδιῶν μὲ ψήφους 346 κατὰ 61. Οἱ ἀριστεροὶ βουλευταὶ ἀπέσχον τῆς ψηφοφορίας. ΕΝΑΥΛΩΘΗΣΑΝ ΑΕΡΟΣΚΑΦΗ — ΟΥΑΣΙΓΚΤΩΝ, 23. Ἐνοικιάσθησαν ἀεροσκάφη διὰ τὴν μεταφορὰν ἐπιβατῶν.

Ο ΜΑΡΛΟΝ ΜΠΡΑΝΤΟ ΚΑΙ ΠΟΛΛΟΙ ΗΘΟΠΟΙΟΙ ΘΑ ΛΑΒΟΥΝ ΜΕΡΟΣ ΕΙΣ ΤΑΣ ΔΙΑΔΗΛΩΣΕΙΣ ΔΙΑΜΑΡΤΥΡΙΑΣ ΚΑΤΑ ΤΩΝ ΔΙΑΚΡΙΣΕΩΝ

ΧΟΛΛΥΓΟΥΝΤ, 23. (Ἀσσ. Πρές). — Ὁ ἠθοποιὸς Μάρλον Μπράντο καὶ πολλοὶ ἄλλοι καλλιτέχναι θὰ λάβουν μέρος εἰς τὰς μεγάλας διαδηλώσεις τῆς Οὐασιγκτῶνος κατὰ τῶν φυλετικῶν διακρίσεων. Ο ΔΗΜΑΡΧΟΣ ΑΠΕΙΛΕΙ — ΓΚΑΝΤΣΤΕΝ, 23. Ὁ δήμαρχος ἀπειλεῖ μὲ μέτρα κατὰ τῶν διαδηλωτῶν.

ΑΝΕΚΑΛΥΦΘΗ ΛΑΘΡΕΜΠΟΡΙΟΝ ΗΡΩΙΝΗΣ ΚΑΙ ΟΠΙΟΥ ΔΙΕΞΑΓΟΜΕΝΟΝ ΜΕΤΑΞΥ ΤΗΣ ΤΟΥΡΚΙΑΣ ΚΑΙ ΑΜΕΡΙΚΗΣ

ΑΓΚΥΡΑ, 23. (Ἀσσ. Πρές). — Ἡ τουρκικὴ ἀστυνομία ἀνεκάλυψε κύκλωμα λαθρεμπορίου ἡρωίνης καὶ ὀπίου, τὸ ὁποῖον διεξήγετο μεταξὺ Τουρκίας καὶ Ἀμερικῆς. Συνελήφθησαν ἑπτὰ ἄτομα.

Μετὰ τὴν σφράγισιν τῶν γραφείων του
ΑΠΗΛΑΘΗΣΑΝ ΑΠΟ ΤΗΝ ΤΣΕΧΟΣΛΟΒΑΚΙΑΝ ΤΡΕΙΣ ΑΚΟΜΗ ΑΝΤΑΠΟΚΡΙΤΑΙ ΤΟΥ ΚΙΝΕΖΙΚΟΥ ΠΡΑΚΤΟΡΕΙΟΥ ΕΙΔΗΣΕΩΝ
Οἱ Κινέζοι, ἐν τούτοις, διαβεβαιοῦν
ὅτι αἱ ἐργασίαι του θὰ συνεχισθοῦν
ΜΕΤΕΔΙΔΕΝ ΕΙΔΗΣΕΙΣ ΚΑΙ ΕΙΣ ΒΕΛΓΙΟΝ

ΒΡΥΞΕΛΛΑΙ, 23. (Ἀσσοσ. Πρές). — Ἐντὸς τῆς ἑβδομάδος ἐξεδιώχθησαν ἀπὸ τὴν Τσεχοσλοβακίαν τρεῖς ἀκόμη ἀνταποκριταὶ τοῦ κινεζικοῦ πρακτορείου «Νέα Κίνα». Οἱ Κινέζοι, ἐν τούτοις, διαβεβαιοῦν ὅτι αἱ ἐργασίαι τοῦ πρακτορείου θὰ συνεχισθοῦν.
